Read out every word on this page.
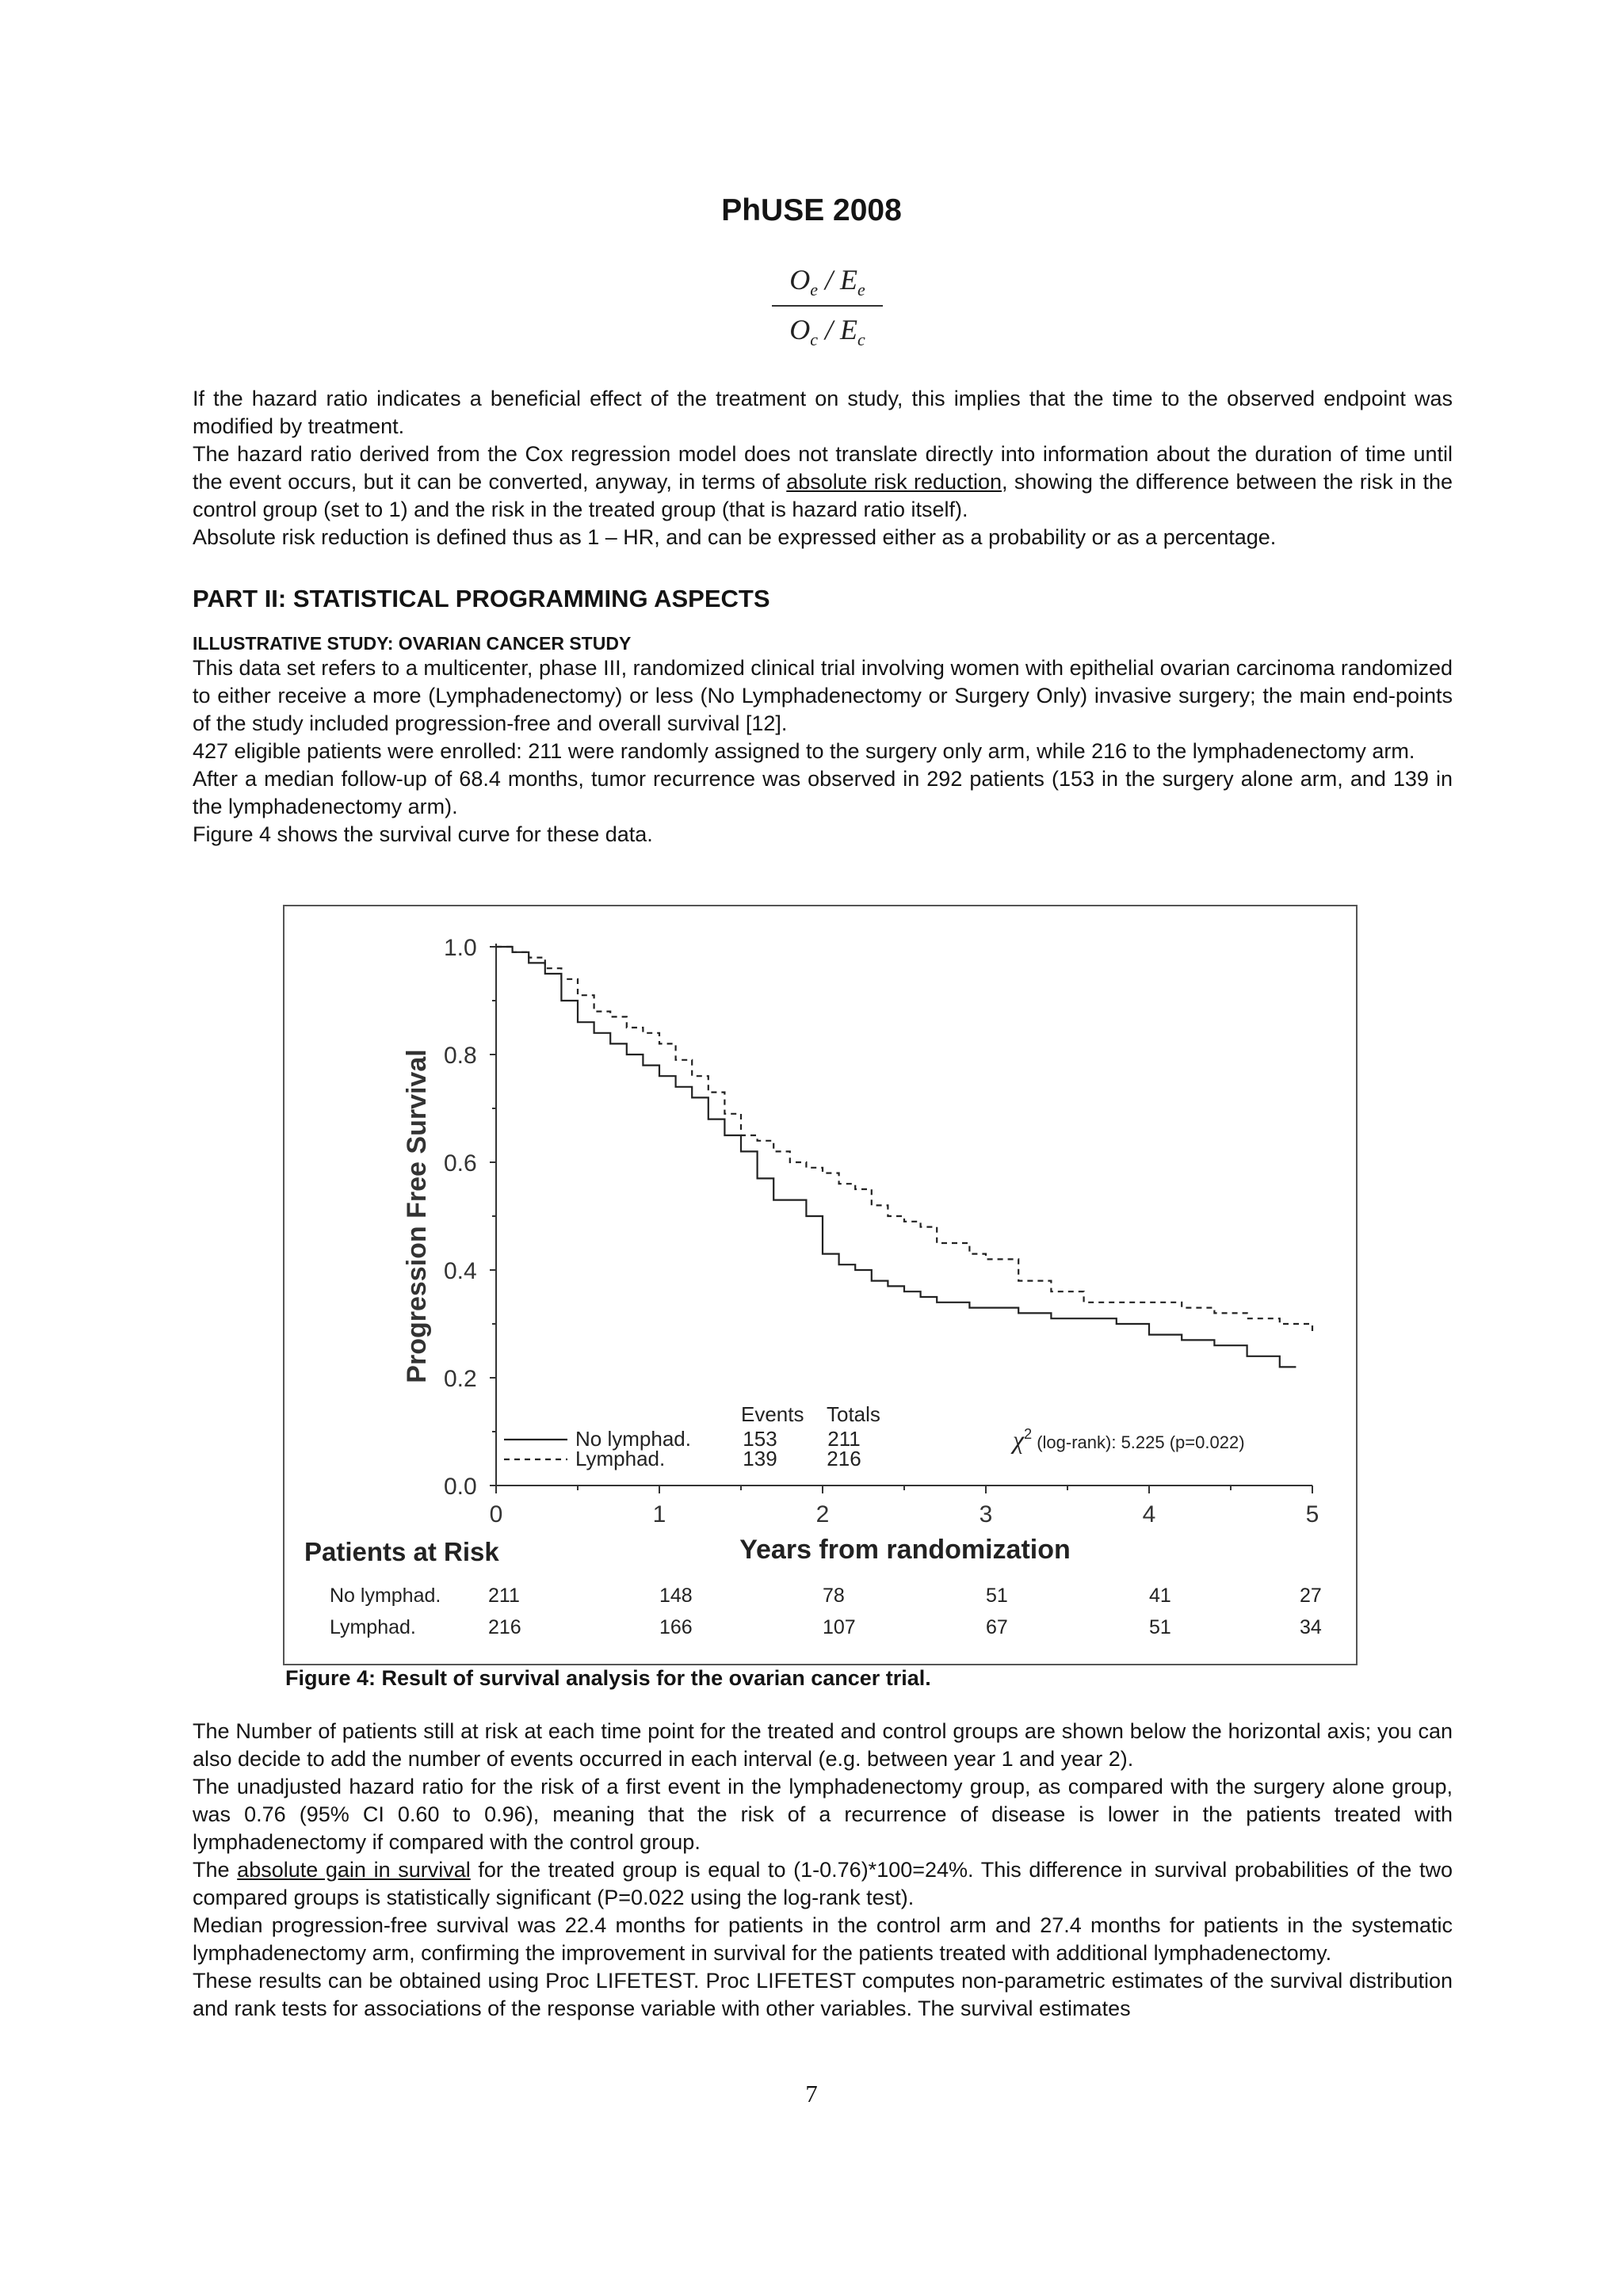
PhUSE 2008
$\frac{O_e / E_e}{O_c / E_c}$

If the hazard ratio indicates a beneficial effect of the treatment on study, this implies that the time to the observed endpoint was modified by treatment.

The hazard ratio derived from the Cox regression model does not translate directly into information about the duration of time until the event occurs, but it can be converted, anyway, in terms of absolute risk reduction, showing the difference between the risk in the control group (set to 1) and the risk in the treated group (that is hazard ratio itself).

Absolute risk reduction is defined thus as 1 – HR, and can be expressed either as a probability or as a percentage.

PART II: STATISTICAL PROGRAMMING ASPECTS
ILLUSTRATIVE STUDY: OVARIAN CANCER STUDY

This data set refers to a multicenter, phase III, randomized clinical trial involving women with epithelial ovarian carcinoma randomized to either receive a more (Lymphadenectomy) or less (No Lymphadenectomy or Surgery Only) invasive surgery; the main end-points of the study included progression-free and overall survival [12].

427 eligible patients were enrolled: 211 were randomly assigned to the surgery only arm, while 216 to the lymphadenectomy arm.

After a median follow-up of 68.4 months, tumor recurrence was observed in 292 patients (153 in the surgery alone arm, and 139 in the lymphadenectomy arm).

Figure 4 shows the survival curve for these data.

0.0
0.2
0.4
0.6
0.8
1.0
0	1	2	3	4	5
Progression Free Survival
Years from randomization
Events Totals
No lymphad.	153 211
Lymphad.	139 216
$\chi^2$ (log-rank): 5.225 (p=0.022)
Patients at Risk
No lymphad. 211	148	78	51	41	27
Lymphad.	216	166	107	67	51	34
Figure 4: Result of survival analysis for the ovarian cancer trial.

The Number of patients still at risk at each time point for the treated and control groups are shown below the horizontal axis; you can also decide to add the number of events occurred in each interval (e.g. between year 1 and year 2).

The unadjusted hazard ratio for the risk of a first event in the lymphadenectomy group, as compared with the surgery alone group, was 0.76 (95% CI 0.60 to 0.96), meaning that the risk of a recurrence of disease is lower in the patients treated with lymphadenectomy if compared with the control group.

The absolute gain in survival for the treated group is equal to (1-0.76)*100=24%. This difference in survival probabilities of the two compared groups is statistically significant (P=0.022 using the log-rank test).

Median progression-free survival was 22.4 months for patients in the control arm and 27.4 months for patients in the systematic lymphadenectomy arm, confirming the improvement in survival for the patients treated with additional lymphadenectomy.

These results can be obtained using Proc LIFETEST. Proc LIFETEST computes non-parametric estimates of the survival distribution and rank tests for associations of the response variable with other variables. The survival estimates

7
